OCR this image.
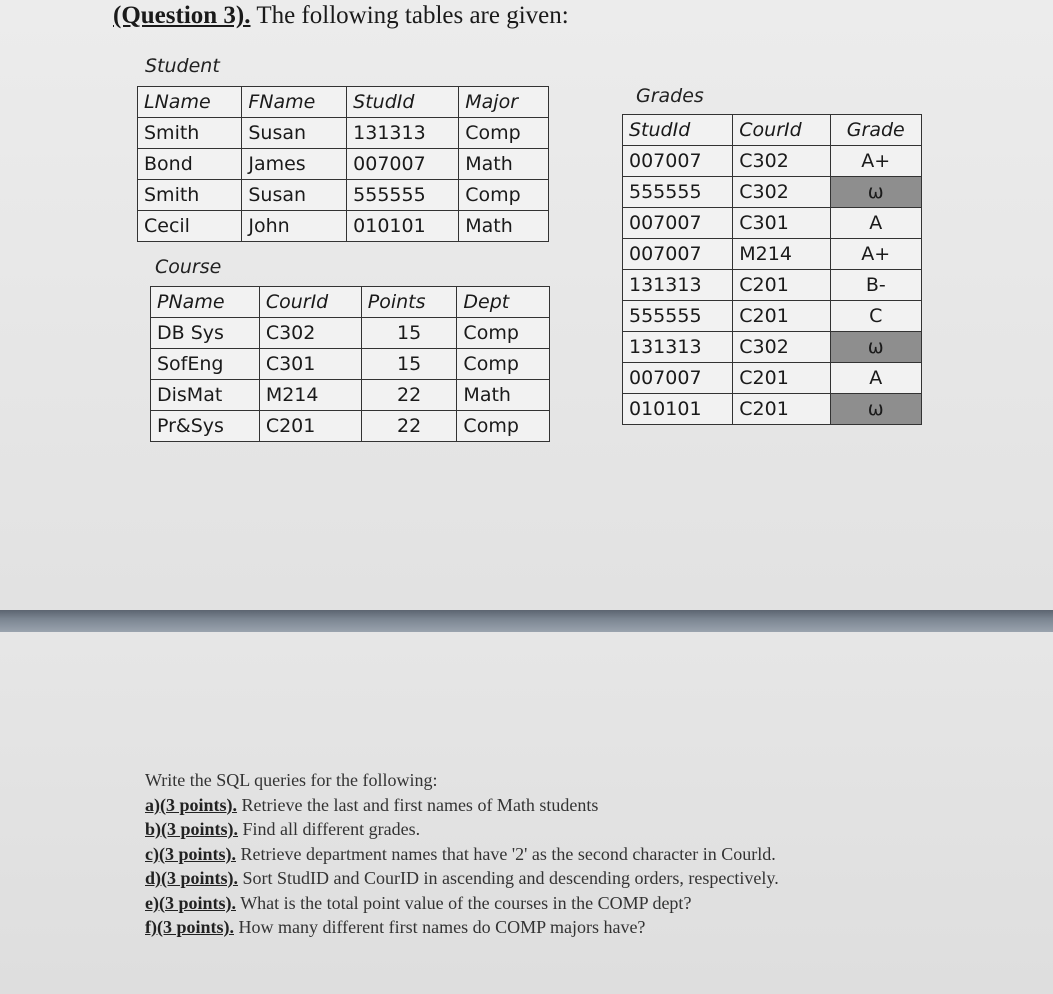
(Question 3). The following tables are given:
Student
LName	FName	StudId	Major
Smith	Susan	131313	Comp
Bond	James	007007	Math
Smith	Susan	555555	Comp
Cecil	John	010101	Math
Course
PName	CourId	Points	Dept
DB Sys	C302	15	Comp
SofEng	C301	15	Comp
DisMat	M214	22	Math
Pr&Sys	C201	22	Comp
Grades
StudId	CourId	Grade
007007	C302	A+
555555	C302	ω
007007	C301	A
007007	M214	A+
131313	C201	B-
555555	C201	C
131313	C302	ω
007007	C201	A
010101	C201	ω

Write the SQL queries for the following:

a)(3 points). Retrieve the last and first names of Math students

b)(3 points). Find all different grades.

c)(3 points). Retrieve department names that have '2' as the second character in Courld.

d)(3 points). Sort StudID and CourID in ascending and descending orders, respectively.

e)(3 points). What is the total point value of the courses in the COMP dept?

f)(3 points). How many different first names do COMP majors have?
